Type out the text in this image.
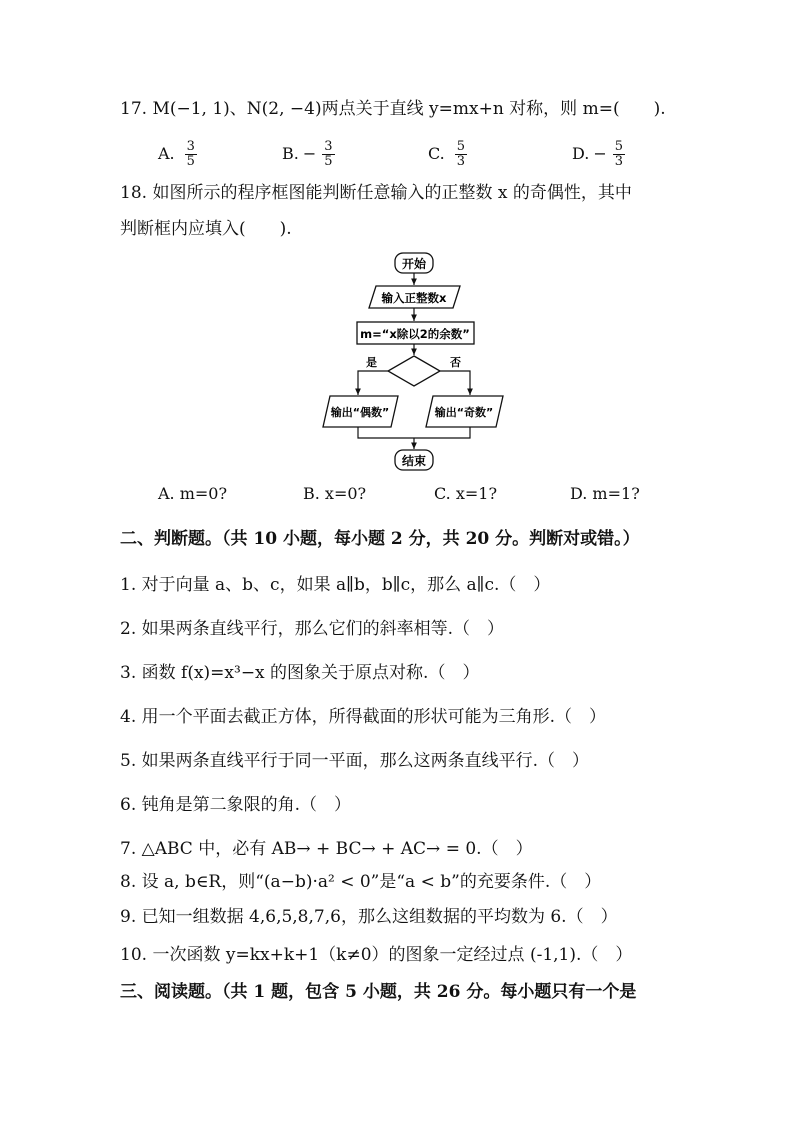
17. M(−1, 1)、N(2, −4)两点关于直线 y=mx+n 对称，则 m=(　　).
A. $\frac{3}{5}$	B. − $\frac{3}{5}$	C. $\frac{5}{3}$	D. − $\frac{5}{3}$
18. 如图所示的程序框图能判断任意输入的正整数 x 的奇偶性，其中
判断框内应填入(　　).
开始
输入正整数x
m=“x除以2的余数”
是	否
输出“偶数”	输出“奇数”
结束
A. m=0?	B. x=0?	C. x=1?	D. m=1?
二、判断题。（共 10 小题，每小题 2 分，共 20 分。判断对或错。）
1. 对于向量 a、b、c，如果 a∥b，b∥c，那么 a∥c.（　）
2. 如果两条直线平行，那么它们的斜率相等.（　）
3. 函数 f(x)=x³−x 的图象关于原点对称.（　）
4. 用一个平面去截正方体，所得截面的形状可能为三角形.（　）
5. 如果两条直线平行于同一平面，那么这两条直线平行.（　）
6. 钝角是第二象限的角.（　）
7. △ABC 中，必有 AB→ + BC→ + AC→ = 0.（　）
8. 设 a, b∈R，则“(a−b)·a² < 0”是“a < b”的充要条件.（　）
9. 已知一组数据 4,6,5,8,7,6，那么这组数据的平均数为 6.（　）
10. 一次函数 y=kx+k+1（k≠0）的图象一定经过点 (-1,1).（　）
三、阅读题。（共 1 题，包含 5 小题，共 26 分。每小题只有一个是
